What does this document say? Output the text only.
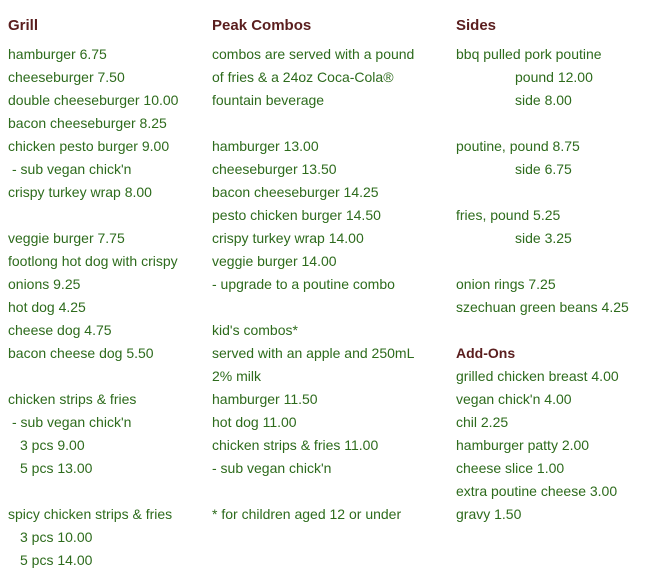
Grill
hamburger 6.75
cheeseburger 7.50
double cheeseburger 10.00
bacon cheeseburger 8.25
chicken pesto burger 9.00
- sub vegan chick'n
crispy turkey wrap 8.00
veggie burger 7.75
footlong hot dog with crispy
onions 9.25
hot dog 4.25
cheese dog 4.75
bacon cheese dog 5.50
chicken strips & fries
- sub vegan chick'n
3 pcs 9.00
5 pcs 13.00
spicy chicken strips & fries
3 pcs 10.00
5 pcs 14.00
Peak Combos
combos are served with a pound
of fries & a 24oz Coca-Cola®
fountain beverage
hamburger 13.00
cheeseburger 13.50
bacon cheeseburger 14.25
pesto chicken burger 14.50
crispy turkey wrap 14.00
veggie burger 14.00
- upgrade to a poutine combo
kid's combos*
served with an apple and 250mL
2% milk
hamburger 11.50
hot dog 11.00
chicken strips & fries 11.00
- sub vegan chick'n
* for children aged 12 or under
Sides
bbq pulled pork poutine
pound 12.00
side 8.00
poutine, pound 8.75
side 6.75
fries, pound 5.25
side 3.25
onion rings 7.25
szechuan green beans 4.25
Add-Ons
grilled chicken breast 4.00
vegan chick'n 4.00
chil 2.25
hamburger patty 2.00
cheese slice 1.00
extra poutine cheese 3.00
gravy 1.50
